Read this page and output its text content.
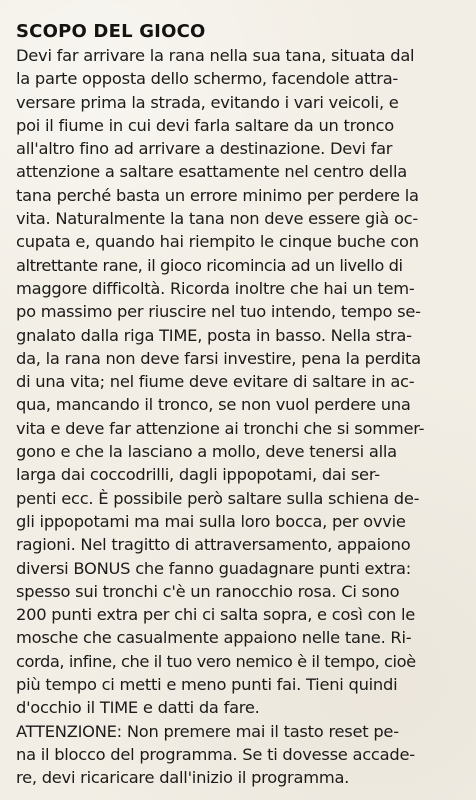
SCOPO DEL GIOCO
Devi far arrivare la rana nella sua tana, situata dal
la parte opposta dello schermo, facendole attra-
versare prima la strada, evitando i vari veicoli, e
poi il fiume in cui devi farla saltare da un tronco
all'altro fino ad arrivare a destinazione. Devi far
attenzione a saltare esattamente nel centro della
tana perché basta un errore minimo per perdere la
vita. Naturalmente la tana non deve essere già oc-
cupata e, quando hai riempito le cinque buche con
altrettante rane, il gioco ricomincia ad un livello di
maggore difficoltà. Ricorda inoltre che hai un tem-
po massimo per riuscire nel tuo intendo, tempo se-
gnalato dalla riga TIME, posta in basso. Nella stra-
da, la rana non deve farsi investire, pena la perdita
di una vita; nel fiume deve evitare di saltare in ac-
qua, mancando il tronco, se non vuol perdere una
vita e deve far attenzione ai tronchi che si sommer-
gono e che la lasciano a mollo, deve tenersi alla
larga dai coccodrilli, dagli ippopotami, dai ser-
penti ecc. È possibile però saltare sulla schiena de-
gli ippopotami ma mai sulla loro bocca, per ovvie
ragioni. Nel tragitto di attraversamento, appaiono
diversi BONUS che fanno guadagnare punti extra:
spesso sui tronchi c'è un ranocchio rosa. Ci sono
200 punti extra per chi ci salta sopra, e così con le
mosche che casualmente appaiono nelle tane. Ri-
corda, infine, che il tuo vero nemico è il tempo, cioè
più tempo ci metti e meno punti fai. Tieni quindi
d'occhio il TIME e datti da fare.
ATTENZIONE: Non premere mai il tasto reset pe-
na il blocco del programma. Se ti dovesse accade-
re, devi ricaricare dall'inizio il programma.
